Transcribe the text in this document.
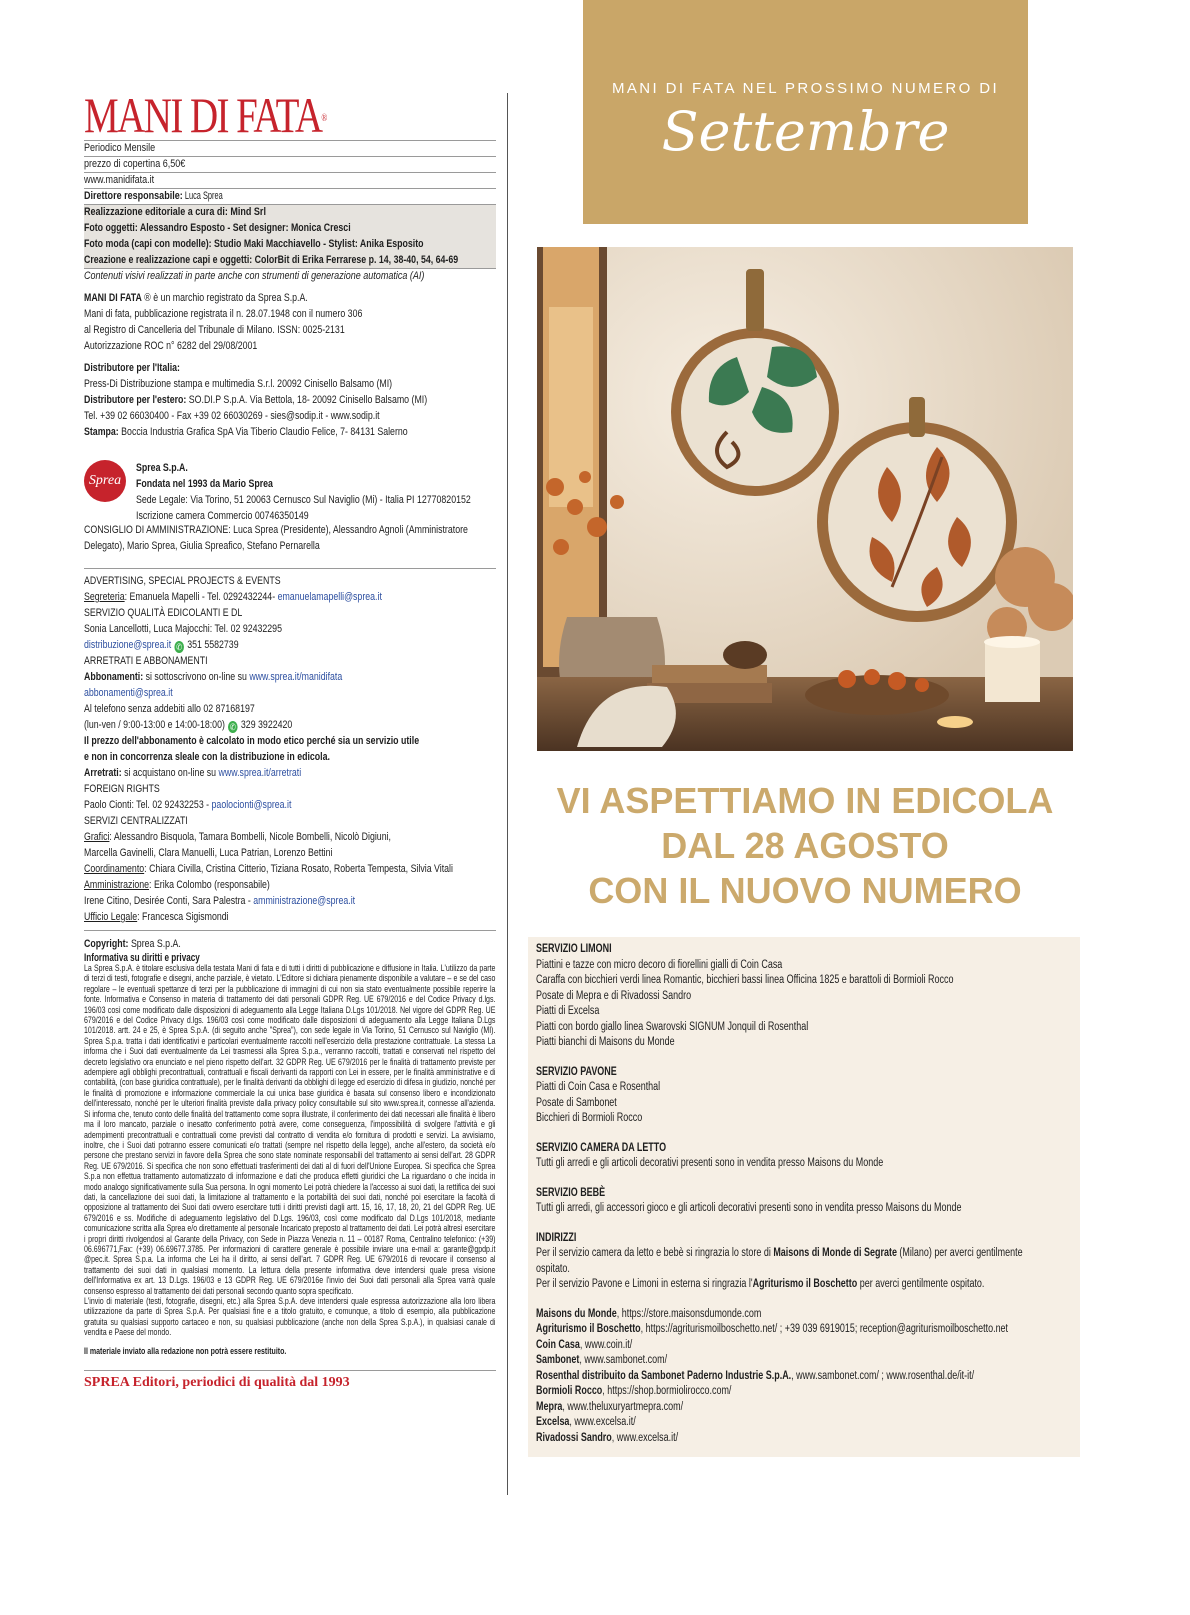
MANI DI FATA®
Periodico Mensile
prezzo di copertina 6,50€
www.manidifata.it
Direttore responsabile: Luca Sprea
Realizzazione editoriale a cura di: Mind Srl
Foto oggetti: Alessandro Esposto - Set designer: Monica Cresci
Foto moda (capi con modelle): Studio Maki Macchiavello - Stylist: Anika Esposito
Creazione e realizzazione capi e oggetti: ColorBit di Erika Ferrarese p. 14, 38-40, 54, 64-69
Contenuti visivi realizzati in parte anche con strumenti di generazione automatica (AI)
MANI DI FATA ® è un marchio registrato da Sprea S.p.A.
Mani di fata, pubblicazione registrata il n. 28.07.1948 con il numero 306
al Registro di Cancelleria del Tribunale di Milano. ISSN: 0025-2131
Autorizzazione ROC n° 6282 del 29/08/2001
Distributore per l'Italia:
Press-Di Distribuzione stampa e multimedia S.r.l. 20092 Cinisello Balsamo (MI)
Distributore per l'estero: SO.DI.P S.p.A. Via Bettola, 18- 20092 Cinisello Balsamo (MI)
Tel. +39 02 66030400 - Fax +39 02 66030269 - sies@sodip.it - www.sodip.it
Stampa: Boccia Industria Grafica SpA Via Tiberio Claudio Felice, 7- 84131 Salerno
Sprea
Sprea S.p.A.
Fondata nel 1993 da Mario Sprea
Sede Legale: Via Torino, 51 20063 Cernusco Sul Naviglio (Mi) - Italia PI 12770820152
Iscrizione camera Commercio 00746350149
CONSIGLIO DI AMMINISTRAZIONE: Luca Sprea (Presidente), Alessandro Agnoli (Amministratore
Delegato), Mario Sprea, Giulia Spreafico, Stefano Pernarella
ADVERTISING, SPECIAL PROJECTS & EVENTS
Segreteria: Emanuela Mapelli - Tel. 0292432244- emanuelamapelli@sprea.it
SERVIZIO QUALITÀ EDICOLANTI E DL
Sonia Lancellotti, Luca Majocchi: Tel. 02 92432295
distribuzione@sprea.it ✆ 351 5582739
ARRETRATI E ABBONAMENTI
Abbonamenti: si sottoscrivono on-line su www.sprea.it/manidifata
abbonamenti@sprea.it
Al telefono senza addebiti allo 02 87168197
(lun-ven / 9:00-13:00 e 14:00-18:00) ✆ 329 3922420
Il prezzo dell'abbonamento è calcolato in modo etico perché sia un servizio utile
e non in concorrenza sleale con la distribuzione in edicola.
Arretrati: si acquistano on-line su www.sprea.it/arretrati
FOREIGN RIGHTS
Paolo Cionti: Tel. 02 92432253 - paolocionti@sprea.it
SERVIZI CENTRALIZZATI
Grafici: Alessandro Bisquola, Tamara Bombelli, Nicole Bombelli, Nicolò Digiuni,
Marcella Gavinelli, Clara Manuelli, Luca Patrian, Lorenzo Bettini
Coordinamento: Chiara Civilla, Cristina Citterio, Tiziana Rosato, Roberta Tempesta, Silvia Vitali
Amministrazione: Erika Colombo (responsabile)
Irene Citino, Desirée Conti, Sara Palestra - amministrazione@sprea.it
Ufficio Legale: Francesca Sigismondi
Copyright: Sprea S.p.A.
Informativa su diritti e privacy
La Sprea S.p.A. è titolare esclusiva della testata Mani di fata e di tutti i diritti di pubblicazione e diffusione in Italia. L'utilizzo da parte di terzi di testi, fotografie e disegni, anche parziale, è vietato. L'Editore si dichiara pienamente disponibile a valutare – e se del caso regolare – le eventuali spettanze di terzi per la pubblicazione di immagini di cui non sia stato eventualmente possibile reperire la fonte. Informativa e Consenso in materia di trattamento dei dati personali GDPR Reg. UE 679/2016 e del Codice Privacy d.lgs. 196/03 così come modificato dalle disposizioni di adeguamento alla Legge Italiana D.Lgs 101/2018. Nel vigore del GDPR Reg. UE 679/2016 e del Codice Privacy d.lgs. 196/03 così come modificato dalle disposizioni di adeguamento alla Legge Italiana D.Lgs 101/2018. artt. 24 e 25, è Sprea S.p.A. (di seguito anche "Sprea"), con sede legale in Via Torino, 51 Cernusco sul Naviglio (MI). Sprea S.p.a. tratta i dati identificativi e particolari eventualmente raccolti nell'esercizio della prestazione contrattuale. La stessa La informa che i Suoi dati eventualmente da Lei trasmessi alla Sprea S.p.a., verranno raccolti, trattati e conservati nel rispetto del decreto legislativo ora enunciato e nel pieno rispetto dell'art. 32 GDPR Reg. UE 679/2016 per le finalità di trattamento previste per adempiere agli obblighi precontrattuali, contrattuali e fiscali derivanti da rapporti con Lei in essere, per le finalità amministrative e di contabilità, (con base giuridica contrattuale), per le finalità derivanti da obblighi di legge ed esercizio di difesa in giudizio, nonché per le finalità di promozione e informazione commerciale la cui unica base giuridica è basata sul consenso libero e incondizionato dell'interessato, nonché per le ulteriori finalità previste dalla privacy policy consultabile sul sito www.sprea.it, connesse all'azienda. Si informa che, tenuto conto delle finalità del trattamento come sopra illustrate, il conferimento dei dati necessari alle finalità è libero ma il loro mancato, parziale o inesatto conferimento potrà avere, come conseguenza, l'impossibilità di svolgere l'attività e gli adempimenti precontrattuali e contrattuali come previsti dal contratto di vendita e/o fornitura di prodotti e servizi. La avvisiamo, inoltre, che i Suoi dati potranno essere comunicati e/o trattati (sempre nel rispetto della legge), anche all'estero, da società e/o persone che prestano servizi in favore della Sprea che sono state nominate responsabili del trattamento ai sensi dell'art. 28 GDPR Reg. UE 679/2016. Si specifica che non sono effettuati trasferimenti dei dati al di fuori dell'Unione Europea. Si specifica che Sprea S.p.a non effettua trattamento automatizzato di informazione e dati che produca effetti giuridici che La riguardano o che incida in modo analogo significativamente sulla Sua persona. In ogni momento Lei potrà chiedere la l'accesso ai suoi dati, la rettifica dei suoi dati, la cancellazione dei suoi dati, la limitazione al trattamento e la portabilità dei suoi dati, nonché poi esercitare la facoltà di opposizione al trattamento dei Suoi dati ovvero esercitare tutti i diritti previsti dagli artt. 15, 16, 17, 18, 20, 21 del GDPR Reg. UE 679/2016 e ss. Modifiche di adeguamento legislativo del D.Lgs. 196/03, così come modificato dal D.Lgs 101/2018, mediante comunicazione scritta alla Sprea e/o direttamente al personale Incaricato preposto al trattamento dei dati. Lei potrà altresì esercitare i propri diritti rivolgendosi al Garante della Privacy, con Sede in Piazza Venezia n. 11 – 00187 Roma, Centralino telefonico: (+39) 06.696771,Fax: (+39) 06.69677.3785. Per informazioni di carattere generale è possibile inviare una e-mail a: garante@gpdp.it @pec.it. Sprea S.p.a. La informa che Lei ha il diritto, ai sensi dell'art. 7 GDPR Reg. UE 679/2016 di revocare il consenso al trattamento dei suoi dati in qualsiasi momento. La lettura della presente informativa deve intendersi quale presa visione dell'Informativa ex art. 13 D.Lgs. 196/03 e 13 GDPR Reg. UE 679/2016e l'invio dei Suoi dati personali alla Sprea varrà quale consenso espresso al trattamento dei dati personali secondo quanto sopra specificato.
L'invio di materiale (testi, fotografie, disegni, etc.) alla Sprea S.p.A. deve intendersi quale espressa autorizzazione alla loro libera utilizzazione da parte di Sprea S.p.A. Per qualsiasi fine e a titolo gratuito, e comunque, a titolo di esempio, alla pubblicazione gratuita su qualsiasi supporto cartaceo e non, su qualsiasi pubblicazione (anche non della Sprea S.p.A.), in qualsiasi canale di vendita e Paese del mondo.
Il materiale inviato alla redazione non potrà essere restituito.
SPREA Editori, periodici di qualità dal 1993
MANI DI FATA NEL PROSSIMO NUMERO DI
Settembre
VI ASPETTIAMO IN EDICOLA
DAL 28 AGOSTO
CON IL NUOVO NUMERO
SERVIZIO LIMONI
Piattini e tazze con micro decoro di fiorellini gialli di Coin Casa
Caraffa con bicchieri verdi linea Romantic, bicchieri bassi linea Officina 1825 e barattoli di Bormioli Rocco
Posate di Mepra e di Rivadossi Sandro
Piatti di Excelsa
Piatti con bordo giallo linea Swarovski SIGNUM Jonquil di Rosenthal
Piatti bianchi di Maisons du Monde
SERVIZIO PAVONE
Piatti di Coin Casa e Rosenthal
Posate di Sambonet
Bicchieri di Bormioli Rocco
SERVIZIO CAMERA DA LETTO
Tutti gli arredi e gli articoli decorativi presenti sono in vendita presso Maisons du Monde
SERVIZIO BEBÈ
Tutti gli arredi, gli accessori gioco e gli articoli decorativi presenti sono in vendita presso Maisons du Monde
INDIRIZZI
Per il servizio camera da letto e bebè si ringrazia lo store di Maisons di Monde di Segrate (Milano) per averci gentilmente ospitato.
Per il servizio Pavone e Limoni in esterna si ringrazia l'Agriturismo il Boschetto per averci gentilmente ospitato.
Maisons du Monde, https://store.maisonsdumonde.com
Agriturismo il Boschetto, https://agriturismoilboschetto.net/ ; +39 039 6919015; reception@agriturismoilboschetto.net
Coin Casa, www.coin.it/
Sambonet, www.sambonet.com/
Rosenthal distribuito da Sambonet Paderno Industrie S.p.A., www.sambonet.com/ ; www.rosenthal.de/it-it/
Bormioli Rocco, https://shop.bormiolirocco.com/
Mepra, www.theluxuryartmepra.com/
Excelsa, www.excelsa.it/
Rivadossi Sandro, www.excelsa.it/
